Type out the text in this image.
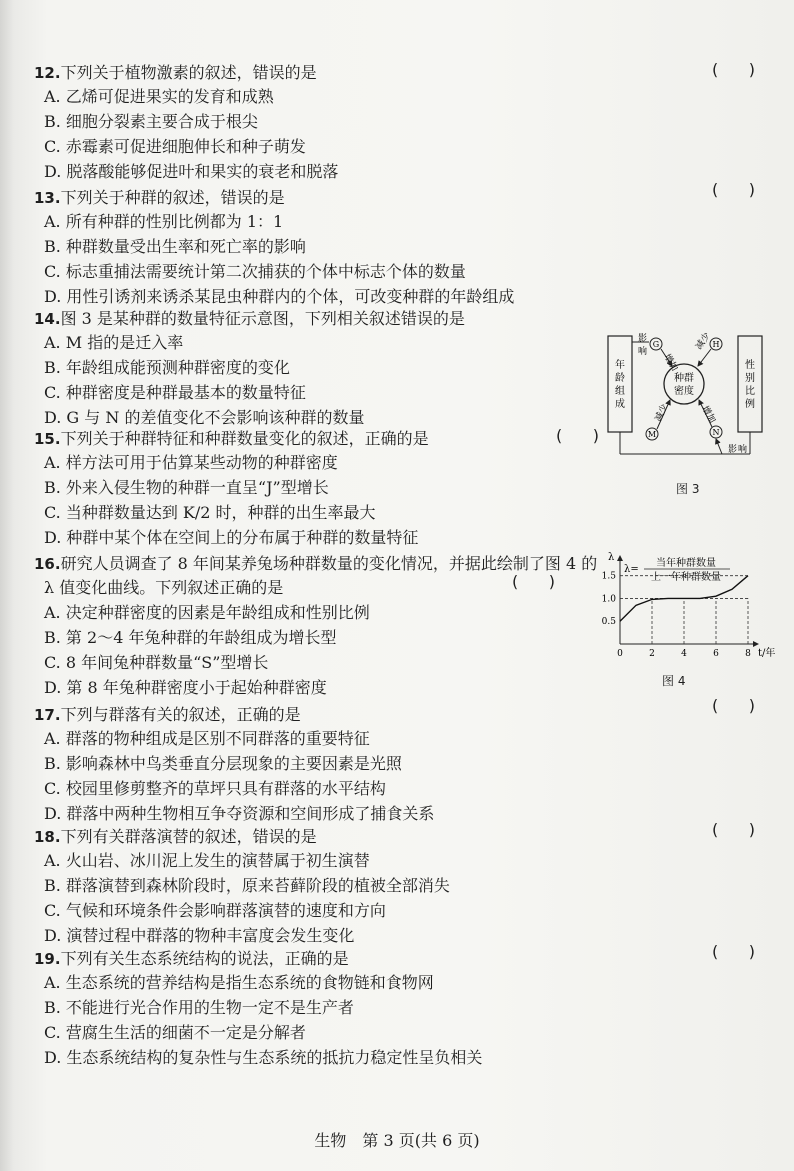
12.下列关于植物激素的叙述，错误的是
A. 乙烯可促进果实的发育和成熟
B. 细胞分裂素主要合成于根尖
C. 赤霉素可促进细胞伸长和种子萌发
D. 脱落酸能够促进叶和果实的衰老和脱落
(      )
13.下列关于种群的叙述，错误的是
A. 所有种群的性别比例都为 1：1
B. 种群数量受出生率和死亡率的影响
C. 标志重捕法需要统计第二次捕获的个体中标志个体的数量
D. 用性引诱剂来诱杀某昆虫种群内的个体，可改变种群的年龄组成
(      )
14.图 3 是某种群的数量特征示意图，下列相关叙述错误的是
A. M 指的是迁入率
B. 年龄组成能预测种群密度的变化
C. 种群密度是种群最基本的数量特征
D. G 与 N 的差值变化不会影响该种群的数量
年龄组成
性别比例
种群
密度
G	H
M	N
增加
减少
减少	增加
影
响
影 响
图 3
15.下列关于种群特征和种群数量变化的叙述，正确的是
A. 样方法可用于估算某些动物的种群密度
B. 外来入侵生物的种群一直呈“J”型增长
C. 当种群数量达到 K/2 时，种群的出生率最大
D. 种群中某个体在空间上的分布属于种群的数量特征
(      )
16.研究人员调查了 8 年间某养兔场种群数量的变化情况，并据此绘制了图 4 的
λ 值变化曲线。下列叙述正确的是
A. 决定种群密度的因素是年龄组成和性别比例
B. 第 2～4 年兔种群的年龄组成为增长型
C. 8 年间兔种群数量“S”型增长
D. 第 8 年兔种群密度小于起始种群密度
(      )
λ=
当年种群数量
上一年种群数量
λ
t/年
1.5
1.0
0.5
0	2	4	6	8
图 4
17.下列与群落有关的叙述，正确的是
A. 群落的物种组成是区别不同群落的重要特征
B. 影响森林中鸟类垂直分层现象的主要因素是光照
C. 校园里修剪整齐的草坪只具有群落的水平结构
D. 群落中两种生物相互争夺资源和空间形成了捕食关系
(      )
18.下列有关群落演替的叙述，错误的是
A. 火山岩、冰川泥上发生的演替属于初生演替
B. 群落演替到森林阶段时，原来苔藓阶段的植被全部消失
C. 气候和环境条件会影响群落演替的速度和方向
D. 演替过程中群落的物种丰富度会发生变化
(      )
19.下列有关生态系统结构的说法，正确的是
A. 生态系统的营养结构是指生态系统的食物链和食物网
B. 不能进行光合作用的生物一定不是生产者
C. 营腐生生活的细菌不一定是分解者
D. 生态系统结构的复杂性与生态系统的抵抗力稳定性呈负相关
(      )
生物　第 3 页(共 6 页)
